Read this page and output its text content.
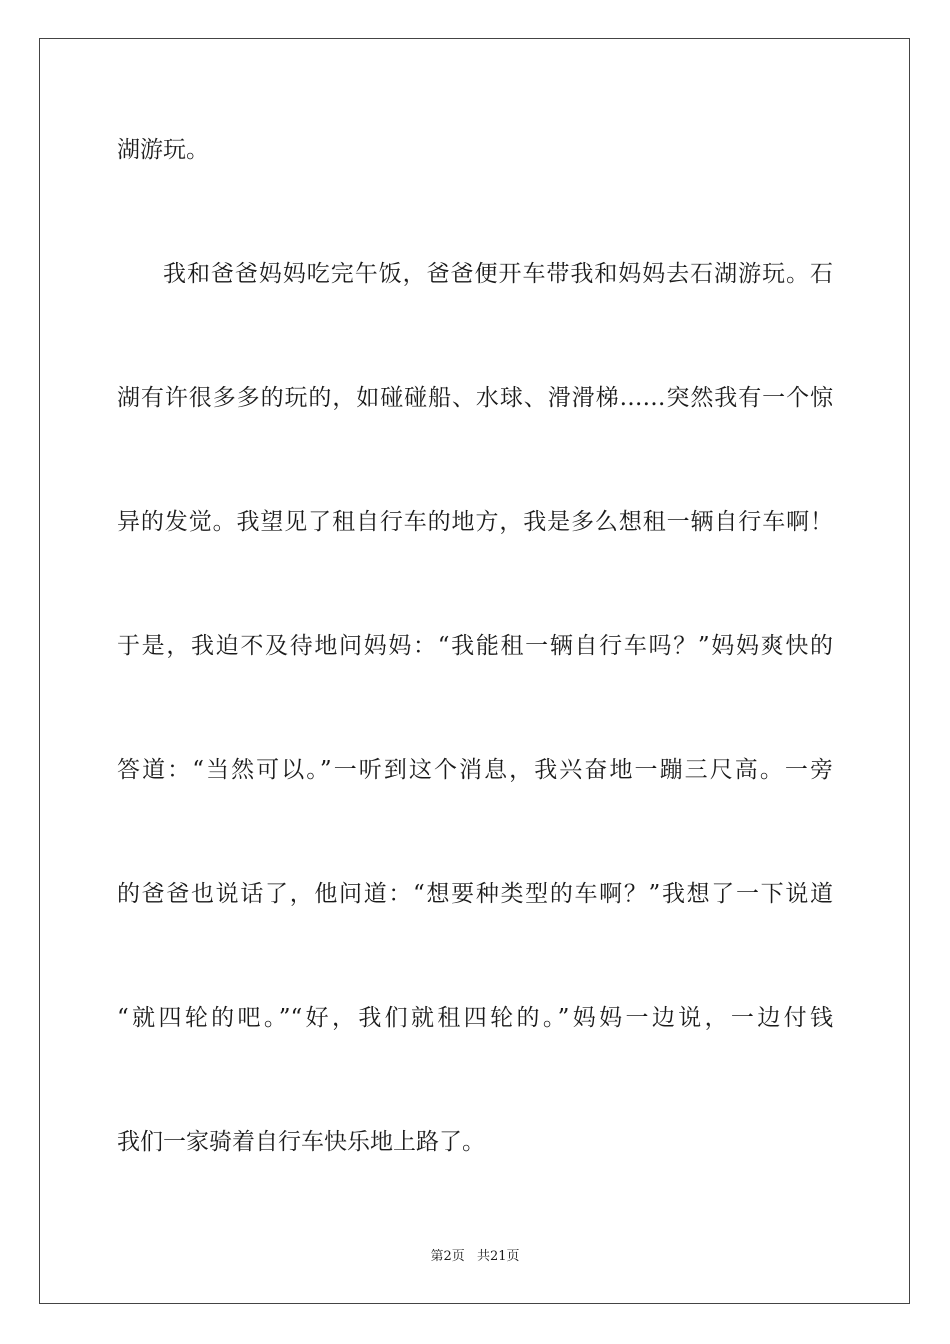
湖游玩。
我和爸爸妈妈吃完午饭，爸爸便开车带我和妈妈去石湖游玩。石
湖有许很多多的玩的，如碰碰船、水球、滑滑梯……突然我有一个惊
异的发觉。我望见了租自行车的地方，我是多么想租一辆自行车啊！
于是，我迫不及待地问妈妈：“我能租一辆自行车吗？”妈妈爽快的
答道：“当然可以。”一听到这个消息，我兴奋地一蹦三尺高。一旁
的爸爸也说话了，他问道：“想要种类型的车啊？”我想了一下说道
“就四轮的吧。”“好，我们就租四轮的。”妈妈一边说，一边付钱
我们一家骑着自行车快乐地上路了。
第2页 共21页
